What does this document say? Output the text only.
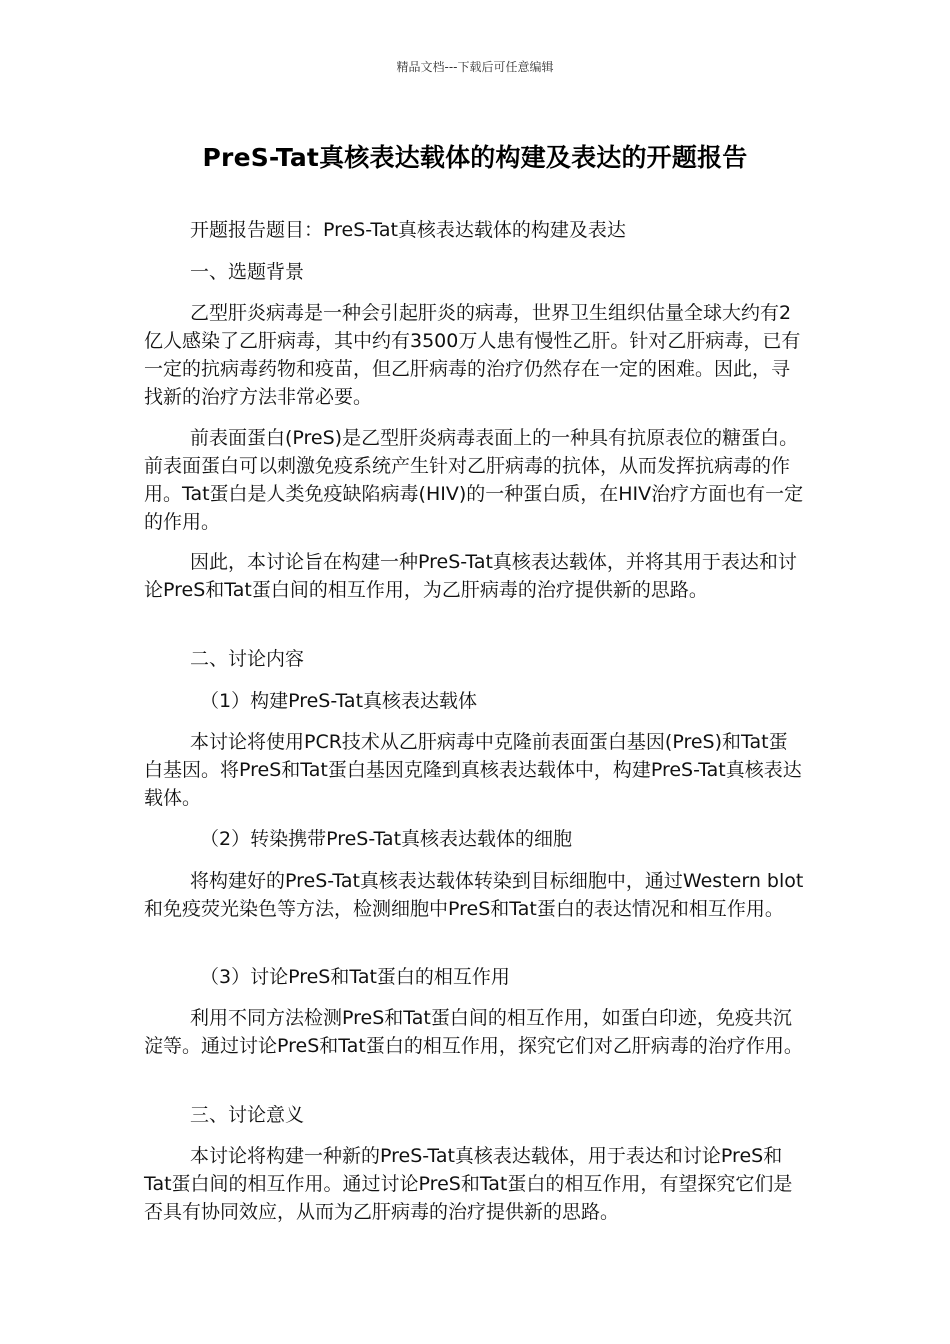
精品文档---下载后可任意编辑
PreS-Tat真核表达载体的构建及表达的开题报告

开题报告题目：PreS-Tat真核表达载体的构建及表达

一、选题背景

乙型肝炎病毒是一种会引起肝炎的病毒，世界卫生组织估量全球大约有2亿人感染了乙肝病毒，其中约有3500万人患有慢性乙肝。针对乙肝病毒，已有一定的抗病毒药物和疫苗，但乙肝病毒的治疗仍然存在一定的困难。因此，寻找新的治疗方法非常必要。

前表面蛋白(PreS)是乙型肝炎病毒表面上的一种具有抗原表位的糖蛋白。前表面蛋白可以刺激免疫系统产生针对乙肝病毒的抗体，从而发挥抗病毒的作用。Tat蛋白是人类免疫缺陷病毒(HIV)的一种蛋白质，在HIV治疗方面也有一定的作用。

因此，本讨论旨在构建一种PreS-Tat真核表达载体，并将其用于表达和讨论PreS和Tat蛋白间的相互作用，为乙肝病毒的治疗提供新的思路。

二、讨论内容

（1）构建PreS-Tat真核表达载体

本讨论将使用PCR技术从乙肝病毒中克隆前表面蛋白基因(PreS)和Tat蛋白基因。将PreS和Tat蛋白基因克隆到真核表达载体中，构建PreS-Tat真核表达载体。

（2）转染携带PreS-Tat真核表达载体的细胞

将构建好的PreS-Tat真核表达载体转染到目标细胞中，通过Western blot和免疫荧光染色等方法，检测细胞中PreS和Tat蛋白的表达情况和相互作用。

（3）讨论PreS和Tat蛋白的相互作用

利用不同方法检测PreS和Tat蛋白间的相互作用，如蛋白印迹，免疫共沉淀等。通过讨论PreS和Tat蛋白的相互作用，探究它们对乙肝病毒的治疗作用。

三、讨论意义

本讨论将构建一种新的PreS-Tat真核表达载体，用于表达和讨论PreS和Tat蛋白间的相互作用。通过讨论PreS和Tat蛋白的相互作用，有望探究它们是否具有协同效应，从而为乙肝病毒的治疗提供新的思路。
